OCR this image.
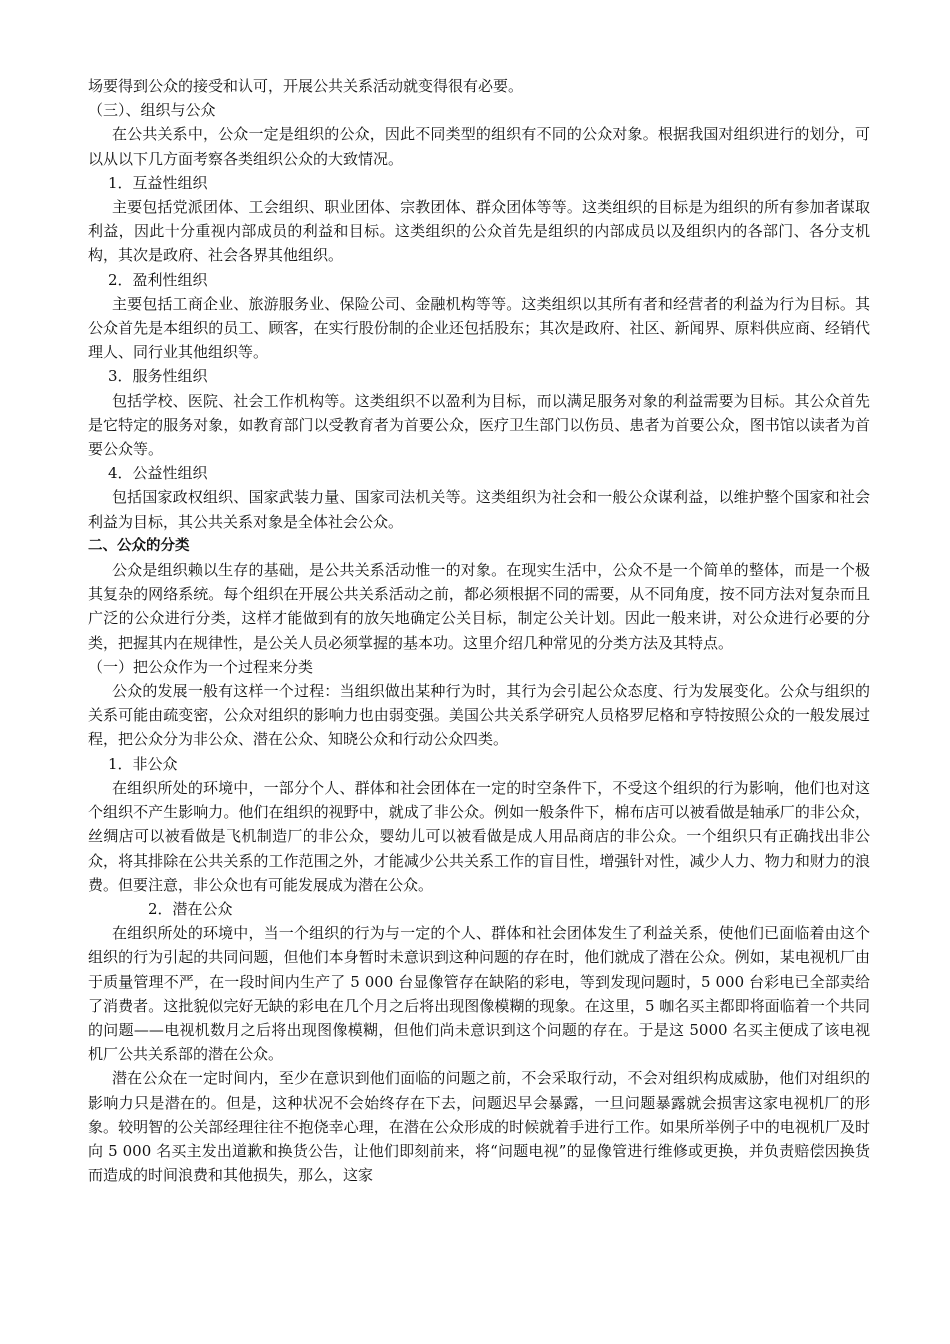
场要得到公众的接受和认可，开展公共关系活动就变得很有必要。

（三）、组织与公众

在公共关系中，公众一定是组织的公众，因此不同类型的组织有不同的公众对象。根据我国对组织进行的划分，可以从以下几方面考察各类组织公众的大致情况。

1．互益性组织

主要包括党派团体、工会组织、职业团体、宗教团体、群众团体等等。这类组织的目标是为组织的所有参加者谋取利益，因此十分重视内部成员的利益和目标。这类组织的公众首先是组织的内部成员以及组织内的各部门、各分支机构，其次是政府、社会各界其他组织。

2．盈利性组织

主要包括工商企业、旅游服务业、保险公司、金融机构等等。这类组织以其所有者和经营者的利益为行为目标。其公众首先是本组织的员工、顾客，在实行股份制的企业还包括股东；其次是政府、社区、新闻界、原料供应商、经销代理人、同行业其他组织等。

3．服务性组织

包括学校、医院、社会工作机构等。这类组织不以盈利为目标，而以满足服务对象的利益需要为目标。其公众首先是它特定的服务对象，如教育部门以受教育者为首要公众，医疗卫生部门以伤员、患者为首要公众，图书馆以读者为首要公众等。

4．公益性组织

包括国家政权组织、国家武装力量、国家司法机关等。这类组织为社会和一般公众谋利益，以维护整个国家和社会利益为目标，其公共关系对象是全体社会公众。

二、公众的分类

公众是组织赖以生存的基础，是公共关系活动惟一的对象。在现实生活中，公众不是一个简单的整体，而是一个极其复杂的网络系统。每个组织在开展公共关系活动之前，都必须根据不同的需要，从不同角度，按不同方法对复杂而且广泛的公众进行分类，这样才能做到有的放矢地确定公关目标，制定公关计划。因此一般来讲，对公众进行必要的分类，把握其内在规律性，是公关人员必须掌握的基本功。这里介绍几种常见的分类方法及其特点。

（一）把公众作为一个过程来分类

公众的发展一般有这样一个过程：当组织做出某种行为时，其行为会引起公众态度、行为发展变化。公众与组织的关系可能由疏变密，公众对组织的影响力也由弱变强。美国公共关系学研究人员格罗尼格和亨特按照公众的一般发展过程，把公众分为非公众、潜在公众、知晓公众和行动公众四类。

1．非公众

在组织所处的环境中，一部分个人、群体和社会团体在一定的时空条件下，不受这个组织的行为影响，他们也对这个组织不产生影响力。他们在组织的视野中，就成了非公众。例如一般条件下，棉布店可以被看做是轴承厂的非公众，丝绸店可以被看做是飞机制造厂的非公众，婴幼儿可以被看做是成人用品商店的非公众。一个组织只有正确找出非公众，将其排除在公共关系的工作范围之外，才能减少公共关系工作的盲目性，增强针对性，减少人力、物力和财力的浪费。但要注意，非公众也有可能发展成为潜在公众。

2．潜在公众

在组织所处的环境中，当一个组织的行为与一定的个人、群体和社会团体发生了利益关系，使他们已面临着由这个组织的行为引起的共同问题，但他们本身暂时未意识到这种问题的存在时，他们就成了潜在公众。例如，某电视机厂由于质量管理不严，在一段时间内生产了 5 000 台显像管存在缺陷的彩电，等到发现问题时，5 000 台彩电已全部卖给了消费者。这批貌似完好无缺的彩电在几个月之后将出现图像模糊的现象。在这里，5 咖名买主都即将面临着一个共同的问题——电视机数月之后将出现图像模糊，但他们尚未意识到这个问题的存在。于是这 5000 名买主便成了该电视机厂公共关系部的潜在公众。

潜在公众在一定时间内，至少在意识到他们面临的问题之前，不会采取行动，不会对组织构成威胁，他们对组织的影响力只是潜在的。但是，这种状况不会始终存在下去，问题迟早会暴露，一旦问题暴露就会损害这家电视机厂的形象。较明智的公关部经理往往不抱侥幸心理，在潜在公众形成的时候就着手进行工作。如果所举例子中的电视机厂及时向 5 000 名买主发出道歉和换货公告，让他们即刻前来，将“问题电视”的显像管进行维修或更换，并负责赔偿因换货而造成的时间浪费和其他损失，那么，这家
